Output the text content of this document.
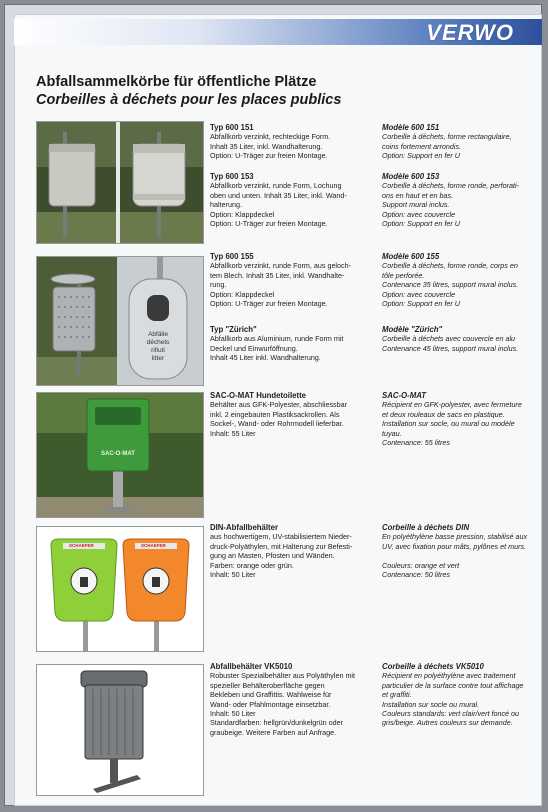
VERWO
Abfallsammelkörbe für öffentliche Plätze
Corbeilles à déchets pour les places publics
Abfälle
déchets
rifiuti
litter
SAC-O-MAT
SCHAEFER	SCHAEFER
Typ 600 151
Abfallkorb verzinkt, rechteckige Form.
Inhalt 35 Liter, inkl. Wandhalterung.
Option: U-Träger zur freien Montage.
Modèle 600 151
Corbeille à déchets, forme rectangulaire,
coins fortement arrondis.
Option: Support en fer U
Typ 600 153
Abfallkorb verzinkt, runde Form, Lochung
oben und unten. Inhalt 35 Liter, inkl. Wand-
halterung.
Option: Klappdeckel
Option: U-Träger zur freien Montage.
Modèle 600 153
Corbeille à déchets, forme ronde, perforati-
ons en haut et en bas.
Support mural inclus.
Option: avec couvercle
Option: Support en fer U
Typ 600 155
Abfallkorb verzinkt, runde Form, aus geloch-
tem Blech. Inhalt 35 Liter, inkl. Wandhalte-
rung.
Option: Klappdeckel
Option: U-Träger zur freien Montage.
Modèle 600 155
Corbeille à déchets, forme ronde, corps en
tôle perforée.
Contenance 35 litres, support mural inclus.
Option: avec couvercle
Option: Support en fer U
Typ "Zürich"
Abfallkorb aus Aluminium, runde Form mit
Deckel und Einwurföffnung.
Inhalt 45 Liter inkl. Wandhalterung.
Modèle "Zürich"
Corbeille à déchets avec couvercle en alu
Contenance 45 litres, support mural inclus.
SAC-O-MAT Hundetoilette
Behälter aus GFK-Polyester, abschliessbar
inkl. 2 eingebauten Plastiksackrollen. Als
Sockel-, Wand- oder Rohrmodell lieferbar.
Inhalt: 55 Liter
SAC-O-MAT
Récipient en GFK-polyester, avec fermeture
et deux rouleaux de sacs en plastique.
Installation sur socle, ou mural ou modèle
tuyau.
Contenance: 55 litres
DIN-Abfallbehälter
aus hochwertigem, UV-stabilisiertem Nieder-
druck-Polyäthylen, mit Halterung zur Befesti-
gung an Masten, Pfosten und Wänden.
Farben: orange oder grün.
Inhalt: 50 Liter
Corbeille à déchets DIN
En polyéthylène basse pression, stabilisé aux
UV, avec fixation pour mâts, pylônes et murs.
Couleurs: orange et vert
Contenance: 50 litres
Abfallbehälter VK5010
Robuster Spezialbehälter aus Polyäthylen mit
spezieller Behälteroberfläche gegen
Bekleben und Graffittis. Wahlweise für
Wand- oder Pfahlmontage einsetzbar.
Inhalt: 50 Liter
Standardfarben: hellgrün/dunkelgrün oder
graubeige. Weitere Farben auf Anfrage.
Corbeille à déchets VK5010
Récipient en polyéthylène avec traitement
particulier de la surface contre tout affichage
et graffiti.
Installation sur socle ou mural.
Couleurs standards: vert clair/vert foncé ou
gris/beige. Autres couleurs sur demande.
